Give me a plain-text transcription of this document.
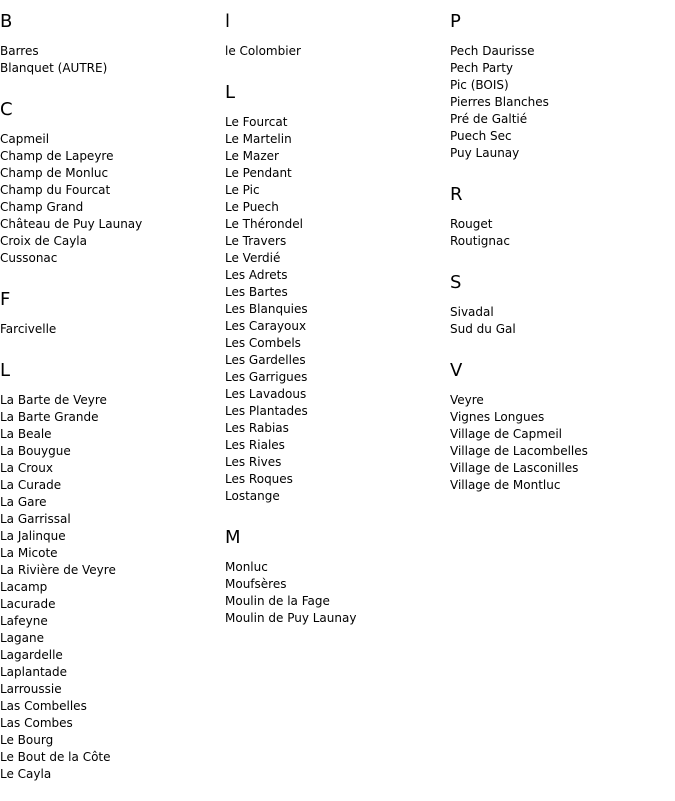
B
Barres
Blanquet (AUTRE)
C
Capmeil
Champ de Lapeyre
Champ de Monluc
Champ du Fourcat
Champ Grand
Château de Puy Launay
Croix de Cayla
Cussonac
F
Farcivelle
L
La Barte de Veyre
La Barte Grande
La Beale
La Bouygue
La Croux
La Curade
La Gare
La Garrissal
La Jalinque
La Micote
La Rivière de Veyre
Lacamp
Lacurade
Lafeyne
Lagane
Lagardelle
Laplantade
Larroussie
Las Combelles
Las Combes
Le Bourg
Le Bout de la Côte
Le Cayla
l
le Colombier
L
Le Fourcat
Le Martelin
Le Mazer
Le Pendant
Le Pic
Le Puech
Le Thérondel
Le Travers
Le Verdié
Les Adrets
Les Bartes
Les Blanquies
Les Carayoux
Les Combels
Les Gardelles
Les Garrigues
Les Lavadous
Les Plantades
Les Rabias
Les Riales
Les Rives
Les Roques
Lostange
M
Monluc
Moufsères
Moulin de la Fage
Moulin de Puy Launay
P
Pech Daurisse
Pech Party
Pic (BOIS)
Pierres Blanches
Pré de Galtié
Puech Sec
Puy Launay
R
Rouget
Routignac
S
Sivadal
Sud du Gal
V
Veyre
Vignes Longues
Village de Capmeil
Village de Lacombelles
Village de Lasconilles
Village de Montluc
